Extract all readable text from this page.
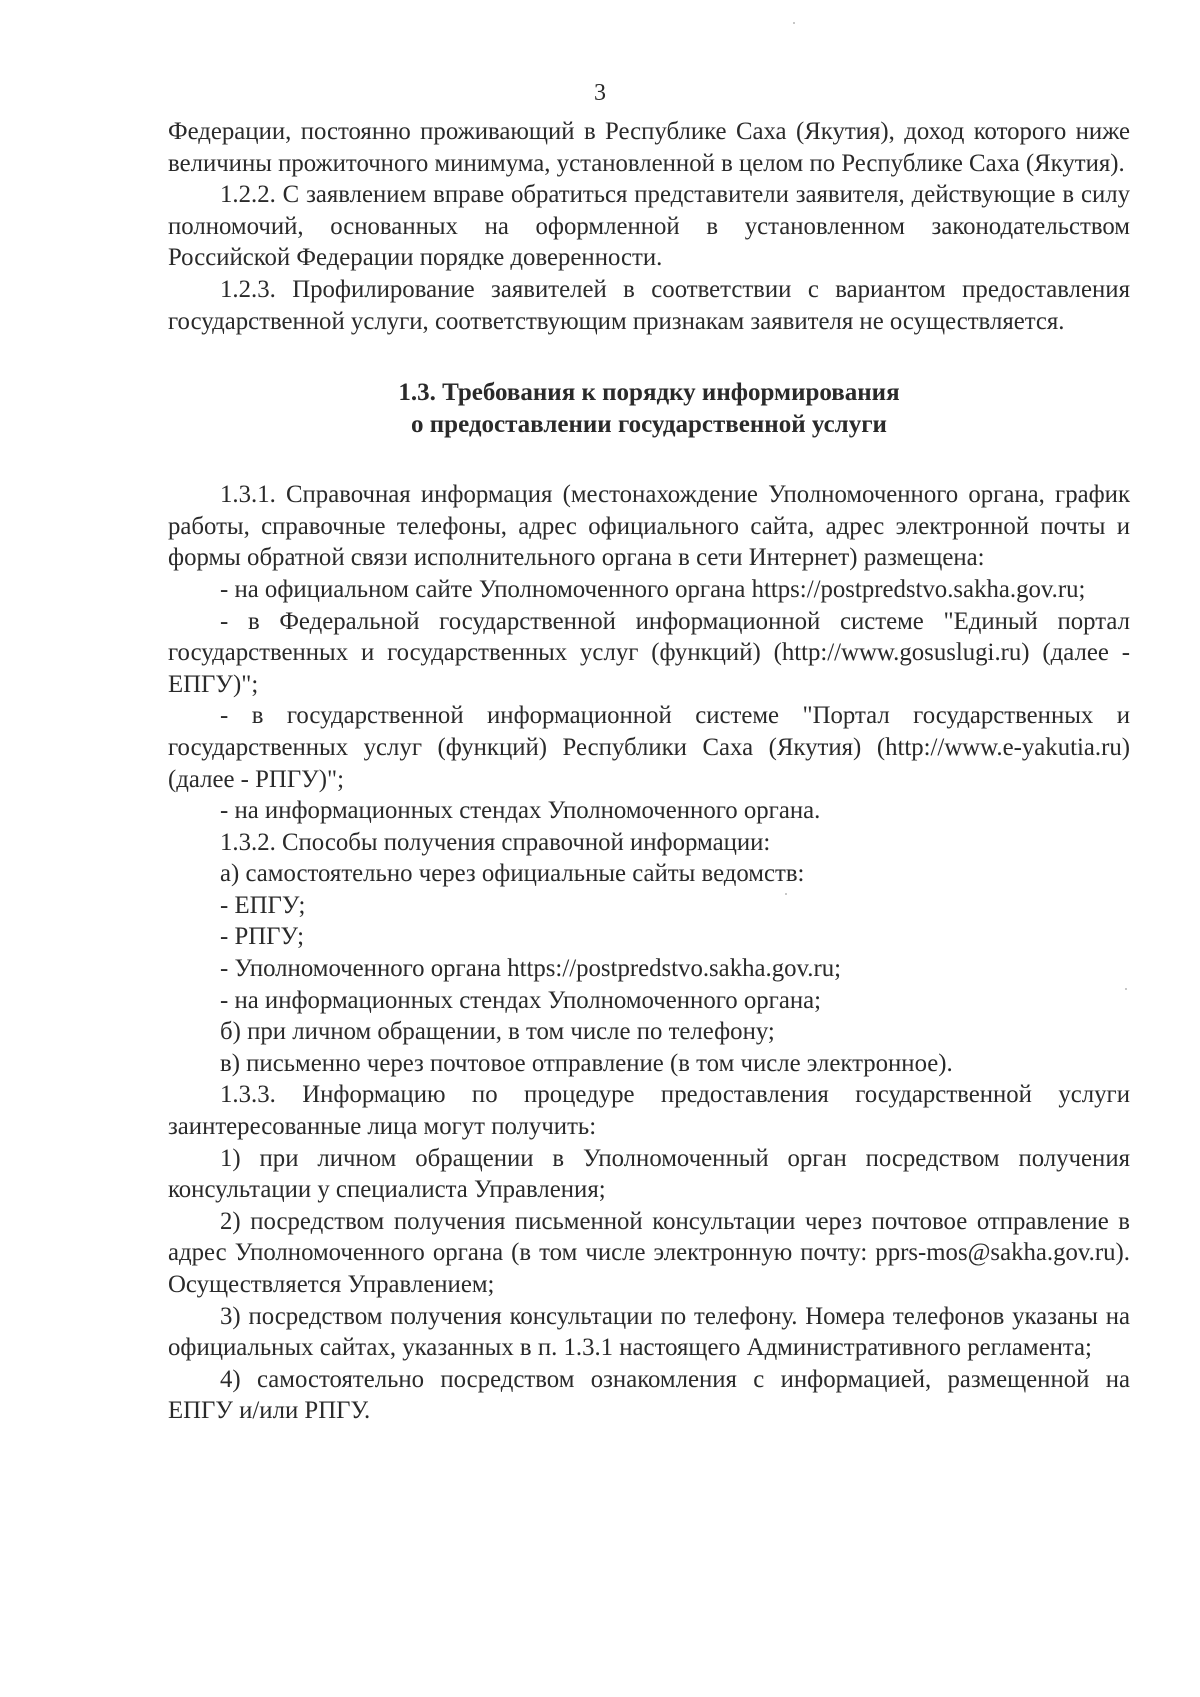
3

Федерации, постоянно проживающий в Республике Саха (Якутия), доход которого ниже величины прожиточного минимума, установленной в целом по Республике Саха (Якутия).

1.2.2. С заявлением вправе обратиться представители заявителя, действующие в силу полномочий, основанных на оформленной в установленном законодательством Российской Федерации порядке доверенности.

1.2.3. Профилирование заявителей в соответствии с вариантом предоставления государственной услуги, соответствующим признакам заявителя не осуществляется.

1.3. Требования к порядку информирования
о предоставлении государственной услуги

1.3.1. Справочная информация (местонахождение Уполномоченного органа, график работы, справочные телефоны, адрес официального сайта, адрес электронной почты и формы обратной связи исполнительного органа в сети Интернет) размещена:

- на официальном сайте Уполномоченного органа https://postpredstvo.sakha.gov.ru;

- в Федеральной государственной информационной системе "Единый портал государственных и государственных услуг (функций) (http://www.gosuslugi.ru) (далее - ЕПГУ)";

- в государственной информационной системе "Портал государственных и государственных услуг (функций) Республики Саха (Якутия) (http://www.e-yakutia.ru) (далее - РПГУ)";

- на информационных стендах Уполномоченного органа.

1.3.2. Способы получения справочной информации:

а) самостоятельно через официальные сайты ведомств:

- ЕПГУ;

- РПГУ;

- Уполномоченного органа https://postpredstvo.sakha.gov.ru;

- на информационных стендах Уполномоченного органа;

б) при личном обращении, в том числе по телефону;

в) письменно через почтовое отправление (в том числе электронное).

1.3.3. Информацию по процедуре предоставления государственной услуги заинтересованные лица могут получить:

1) при личном обращении в Уполномоченный орган посредством получения консультации у специалиста Управления;

2) посредством получения письменной консультации через почтовое отправление в адрес Уполномоченного органа (в том числе электронную почту: pprs-mos@sakha.gov.ru). Осуществляется Управлением;

3) посредством получения консультации по телефону. Номера телефонов указаны на официальных сайтах, указанных в п. 1.3.1 настоящего Административного регламента;

4) самостоятельно посредством ознакомления с информацией, размещенной на ЕПГУ и/или РПГУ.
